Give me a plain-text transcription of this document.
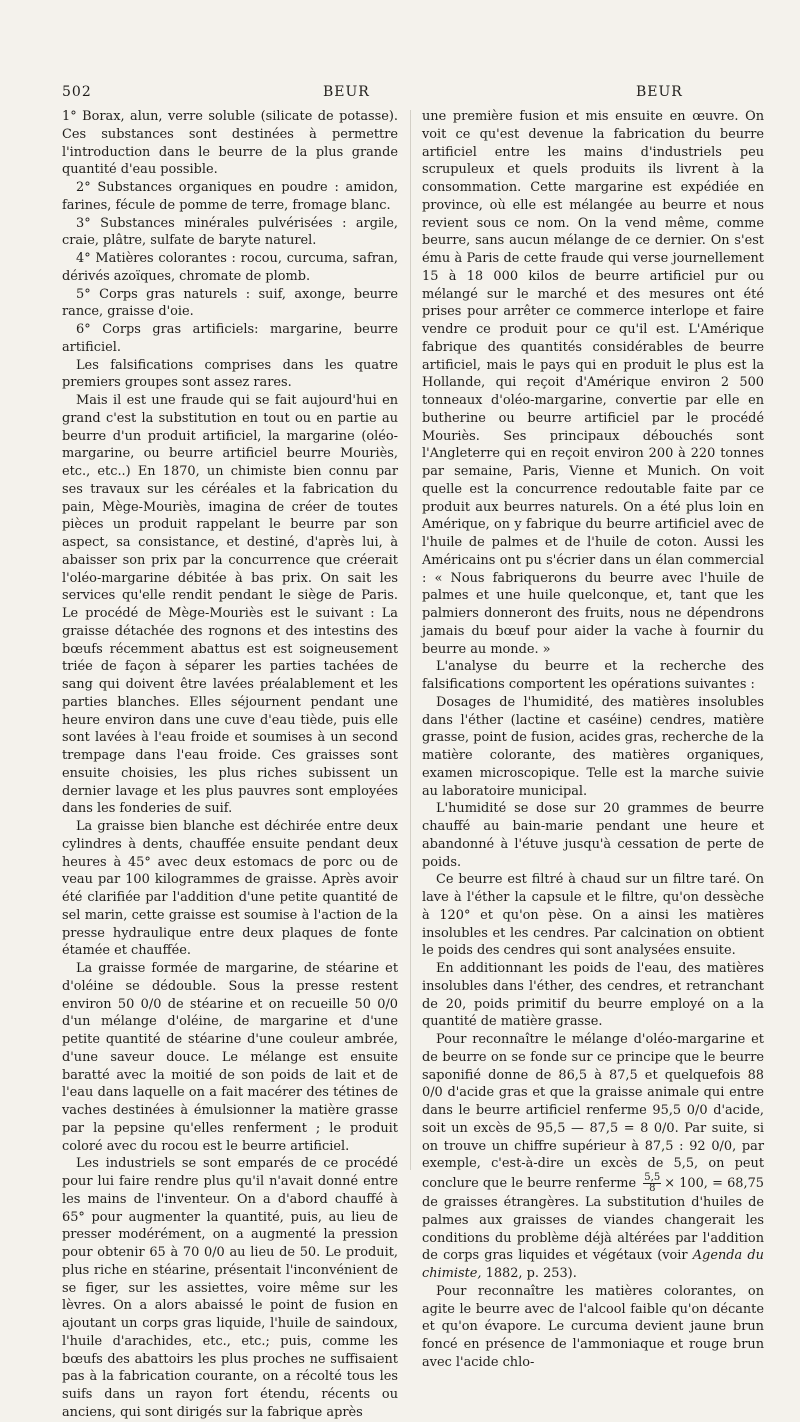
502	BEUR	BEUR

1° Borax, alun, verre soluble (silicate de potasse). Ces substances sont destinées à permettre l'introduction dans le beurre de la plus grande quantité d'eau possible.

2° Substances organiques en poudre : amidon, farines, fécule de pomme de terre, fromage blanc.

3° Substances minérales pulvérisées : argile, craie, plâtre, sulfate de baryte naturel.

4° Matières colorantes : rocou, curcuma, safran, dérivés azoïques, chromate de plomb.

5° Corps gras naturels : suif, axonge, beurre rance, graisse d'oie.

6° Corps gras artificiels: margarine, beurre artificiel.

Les falsifications comprises dans les quatre premiers groupes sont assez rares.

Mais il est une fraude qui se fait aujourd'hui en grand c'est la substitution en tout ou en partie au beurre d'un produit artificiel, la margarine (oléo-margarine, ou beurre artificiel beurre Mouriès, etc., etc..) En 1870, un chimiste bien connu par ses travaux sur les céréales et la fabrication du pain, Mège-Mouriès, imagina de créer de toutes pièces un produit rappelant le beurre par son aspect, sa consistance, et destiné, d'après lui, à abaisser son prix par la concurrence que créerait l'oléo-margarine débitée à bas prix. On sait les services qu'elle rendit pendant le siège de Paris. Le procédé de Mège-Mouriès est le suivant : La graisse détachée des rognons et des intestins des bœufs récemment abattus est est soigneusement triée de façon à séparer les parties tachées de sang qui doivent être lavées préalablement et les parties blanches. Elles séjournent pendant une heure environ dans une cuve d'eau tiède, puis elle sont lavées à l'eau froide et soumises à un second trempage dans l'eau froide. Ces graisses sont ensuite choisies, les plus riches subissent un dernier lavage et les plus pauvres sont employées dans les fonderies de suif.

La graisse bien blanche est déchirée entre deux cylindres à dents, chauffée ensuite pendant deux heures à 45° avec deux estomacs de porc ou de veau par 100 kilogrammes de graisse. Après avoir été clarifiée par l'addition d'une petite quantité de sel marin, cette graisse est soumise à l'action de la presse hydraulique entre deux plaques de fonte étamée et chauffée.

La graisse formée de margarine, de stéarine et d'oléine se dédouble. Sous la presse restent environ 50 0/0 de stéarine et on recueille 50 0/0 d'un mélange d'oléine, de margarine et d'une petite quantité de stéarine d'une couleur ambrée, d'une saveur douce. Le mélange est ensuite baratté avec la moitié de son poids de lait et de l'eau dans laquelle on a fait macérer des tétines de vaches destinées à émulsionner la matière grasse par la pepsine qu'elles renferment ; le produit coloré avec du rocou est le beurre artificiel.

Les industriels se sont emparés de ce procédé pour lui faire rendre plus qu'il n'avait donné entre les mains de l'inventeur. On a d'abord chauffé à 65° pour augmenter la quantité, puis, au lieu de presser modérément, on a augmenté la pression pour obtenir 65 à 70 0/0 au lieu de 50. Le produit, plus riche en stéarine, présentait l'inconvénient de se figer, sur les assiettes, voire même sur les lèvres. On a alors abaissé le point de fusion en ajoutant un corps gras liquide, l'huile de saindoux, l'huile d'arachides, etc., etc.; puis, comme les bœufs des abattoirs les plus proches ne suffisaient pas à la fabrication courante, on a récolté tous les suifs dans un rayon fort étendu, récents ou anciens, qui sont dirigés sur la fabrique après

une première fusion et mis ensuite en œuvre. On voit ce qu'est devenue la fabrication du beurre artificiel entre les mains d'industriels peu scrupuleux et quels produits ils livrent à la consommation. Cette margarine est expédiée en province, où elle est mélangée au beurre et nous revient sous ce nom. On la vend même, comme beurre, sans aucun mélange de ce dernier. On s'est ému à Paris de cette fraude qui verse journellement 15 à 18 000 kilos de beurre artificiel pur ou mélangé sur le marché et des mesures ont été prises pour arrêter ce commerce interlope et faire vendre ce produit pour ce qu'il est. L'Amérique fabrique des quantités considérables de beurre artificiel, mais le pays qui en produit le plus est la Hollande, qui reçoit d'Amérique environ 2 500 tonneaux d'oléo-margarine, convertie par elle en butherine ou beurre artificiel par le procédé Mouriès. Ses principaux débouchés sont l'Angleterre qui en reçoit environ 200 à 220 tonnes par semaine, Paris, Vienne et Munich. On voit quelle est la concurrence redoutable faite par ce produit aux beurres naturels. On a été plus loin en Amérique, on y fabrique du beurre artificiel avec de l'huile de palmes et de l'huile de coton. Aussi les Américains ont pu s'écrier dans un élan commercial : « Nous fabriquerons du beurre avec l'huile de palmes et une huile quelconque, et, tant que les palmiers donneront des fruits, nous ne dépendrons jamais du bœuf pour aider la vache à fournir du beurre au monde. »

L'analyse du beurre et la recherche des falsifications comportent les opérations suivantes :

Dosages de l'humidité, des matières insolubles dans l'éther (lactine et caséine) cendres, matière grasse, point de fusion, acides gras, recherche de la matière colorante, des matières organiques, examen microscopique. Telle est la marche suivie au laboratoire municipal.

L'humidité se dose sur 20 grammes de beurre chauffé au bain-marie pendant une heure et abandonné à l'étuve jusqu'à cessation de perte de poids.

Ce beurre est filtré à chaud sur un filtre taré. On lave à l'éther la capsule et le filtre, qu'on dessèche à 120° et qu'on pèse. On a ainsi les matières insolubles et les cendres. Par calcination on obtient le poids des cendres qui sont analysées ensuite.

En additionnant les poids de l'eau, des matières insolubles dans l'éther, des cendres, et retranchant de 20, poids primitif du beurre employé on a la quantité de matière grasse.

Pour reconnaître le mélange d'oléo-margarine et de beurre on se fonde sur ce principe que le beurre saponifié donne de 86,5 à 87,5 et quelquefois 88 0/0 d'acide gras et que la graisse animale qui entre dans le beurre artificiel renferme 95,5 0/0 d'acide, soit un excès de 95,5 — 87,5 = 8 0/0. Par suite, si on trouve un chiffre supérieur à 87,5 : 92 0/0, par exemple, c'est-à-dire un excès de 5,5, on peut conclure que le beurre renferme $\frac{5,5}{8} \times 100$, = 68,75 de graisses étrangères. La substitution d'huiles de palmes aux graisses de viandes changerait les conditions du problème déjà altérées par l'addition de corps gras liquides et végétaux (voir Agenda du chimiste, 1882, p. 253).

Pour reconnaître les matières colorantes, on agite le beurre avec de l'alcool faible qu'on décante et qu'on évapore. Le curcuma devient jaune brun foncé en présence de l'ammoniaque et rouge brun avec l'acide chlo-
